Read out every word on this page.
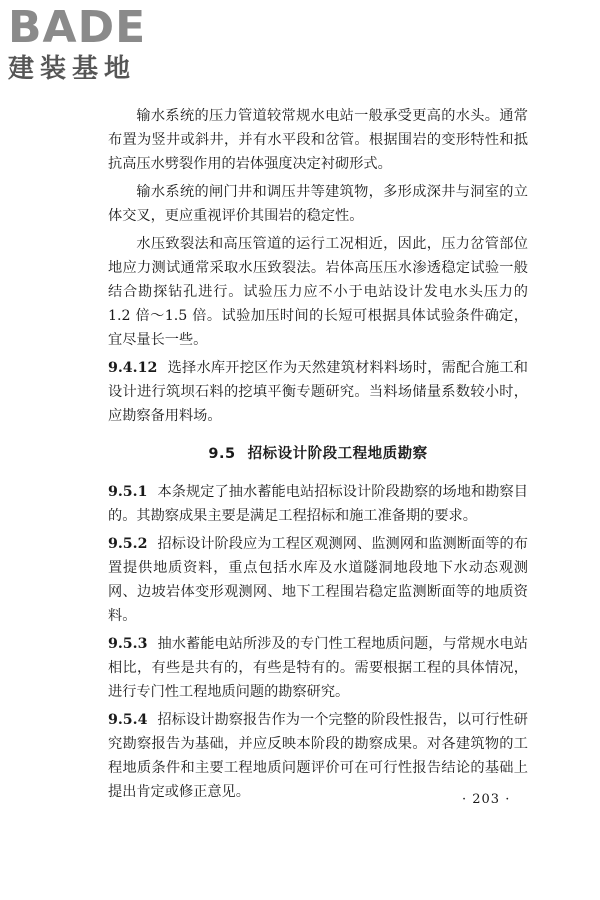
BADE
建装基地

输水系统的压力管道较常规水电站一般承受更高的水头。通常布置为竖井或斜井，并有水平段和岔管。根据围岩的变形特性和抵抗高压水劈裂作用的岩体强度决定衬砌形式。

输水系统的闸门井和调压井等建筑物，多形成深井与洞室的立体交叉，更应重视评价其围岩的稳定性。

水压致裂法和高压管道的运行工况相近，因此，压力岔管部位地应力测试通常采取水压致裂法。岩体高压压水渗透稳定试验一般结合勘探钻孔进行。试验压力应不小于电站设计发电水头压力的 1.2 倍～1.5 倍。试验加压时间的长短可根据具体试验条件确定，宜尽量长一些。

9.4.12 选择水库开挖区作为天然建筑材料料场时，需配合施工和设计进行筑坝石料的挖填平衡专题研究。当料场储量系数较小时，应勘察备用料场。

9.5 招标设计阶段工程地质勘察

9.5.1 本条规定了抽水蓄能电站招标设计阶段勘察的场地和勘察目的。其勘察成果主要是满足工程招标和施工准备期的要求。

9.5.2 招标设计阶段应为工程区观测网、监测网和监测断面等的布置提供地质资料，重点包括水库及水道隧洞地段地下水动态观测网、边坡岩体变形观测网、地下工程围岩稳定监测断面等的地质资料。

9.5.3 抽水蓄能电站所涉及的专门性工程地质问题，与常规水电站相比，有些是共有的，有些是特有的。需要根据工程的具体情况，进行专门性工程地质问题的勘察研究。

9.5.4 招标设计勘察报告作为一个完整的阶段性报告，以可行性研究勘察报告为基础，并应反映本阶段的勘察成果。对各建筑物的工程地质条件和主要工程地质问题评价可在可行性报告结论的基础上提出肯定或修正意见。	· 203 ·
